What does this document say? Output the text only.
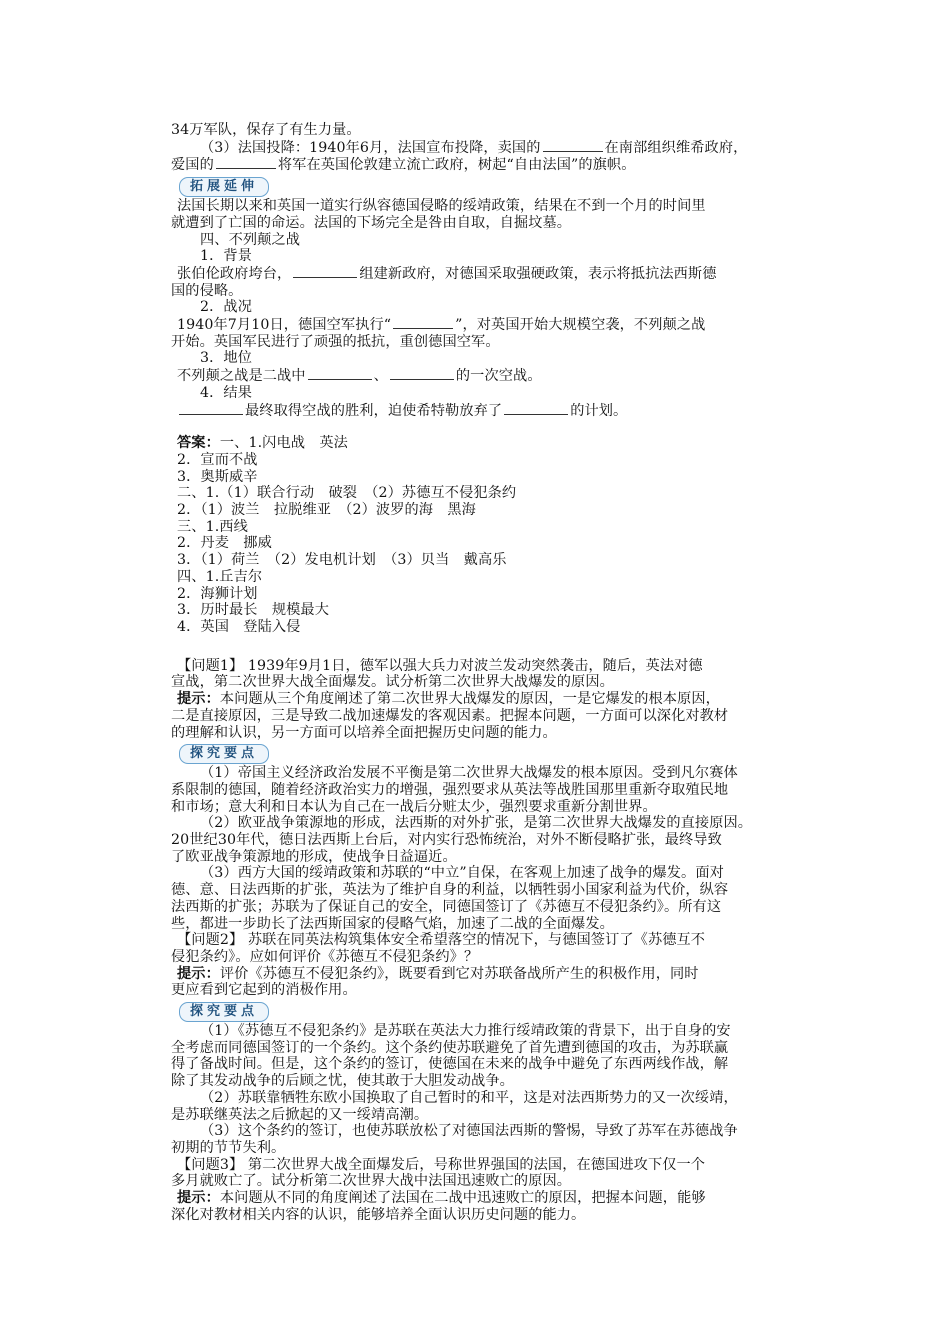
34万军队，保存了有生力量。
（3）法国投降：1940年6月，法国宣布投降，卖国的	在南部组织维希政府，
爱国的	将军在英国伦敦建立流亡政府，树起“自由法国”的旗帜。
拓展延伸
法国长期以来和英国一道实行纵容德国侵略的绥靖政策，结果在不到一个月的时间里
就遭到了亡国的命运。法国的下场完全是咎由自取，自掘坟墓。
四、不列颠之战
1．背景
张伯伦政府垮台，	组建新政府，对德国采取强硬政策，表示将抵抗法西斯德
国的侵略。
2．战况
1940年7月10日，德国空军执行“	”，对英国开始大规模空袭，不列颠之战
开始。英国军民进行了顽强的抵抗，重创德国空军。
3．地位
不列颠之战是二战中	、	的一次空战。
4．结果
最终取得空战的胜利，迫使希特勒放弃了	的计划。
答案：一、1.闪电战　英法
2．宣而不战
3．奥斯威辛
二、1.（1）联合行动　破裂　（2）苏德互不侵犯条约
2．（1）波兰　拉脱维亚　（2）波罗的海　黑海
三、1.西线
2．丹麦　挪威
3．（1）荷兰　（2）发电机计划　（3）贝当　戴高乐
四、1.丘吉尔
2．海狮计划
3．历时最长　规模最大
4．英国　登陆入侵
【问题1】 1939年9月1日，德军以强大兵力对波兰发动突然袭击，随后，英法对德
宣战，第二次世界大战全面爆发。试分析第二次世界大战爆发的原因。
提示：本问题从三个角度阐述了第二次世界大战爆发的原因，一是它爆发的根本原因，
二是直接原因，三是导致二战加速爆发的客观因素。把握本问题，一方面可以深化对教材
的理解和认识，另一方面可以培养全面把握历史问题的能力。
探究要点
（1）帝国主义经济政治发展不平衡是第二次世界大战爆发的根本原因。受到凡尔赛体
系限制的德国，随着经济政治实力的增强，强烈要求从英法等战胜国那里重新夺取殖民地
和市场；意大利和日本认为自己在一战后分赃太少，强烈要求重新分割世界。
（2）欧亚战争策源地的形成，法西斯的对外扩张，是第二次世界大战爆发的直接原因。
20世纪30年代，德日法西斯上台后，对内实行恐怖统治，对外不断侵略扩张，最终导致
了欧亚战争策源地的形成，使战争日益逼近。
（3）西方大国的绥靖政策和苏联的“中立”自保，在客观上加速了战争的爆发。面对
德、意、日法西斯的扩张，英法为了维护自身的利益，以牺牲弱小国家利益为代价，纵容
法西斯的扩张；苏联为了保证自己的安全，同德国签订了《苏德互不侵犯条约》。所有这
些，都进一步助长了法西斯国家的侵略气焰，加速了二战的全面爆发。
【问题2】 苏联在同英法构筑集体安全希望落空的情况下，与德国签订了《苏德互不
侵犯条约》。应如何评价《苏德互不侵犯条约》？
提示：评价《苏德互不侵犯条约》，既要看到它对苏联备战所产生的积极作用，同时
更应看到它起到的消极作用。
探究要点
（1）《苏德互不侵犯条约》是苏联在英法大力推行绥靖政策的背景下，出于自身的安
全考虑而同德国签订的一个条约。这个条约使苏联避免了首先遭到德国的攻击，为苏联赢
得了备战时间。但是，这个条约的签订，使德国在未来的战争中避免了东西两线作战，解
除了其发动战争的后顾之忧，使其敢于大胆发动战争。
（2）苏联靠牺牲东欧小国换取了自己暂时的和平，这是对法西斯势力的又一次绥靖，
是苏联继英法之后掀起的又一绥靖高潮。
（3）这个条约的签订，也使苏联放松了对德国法西斯的警惕，导致了苏军在苏德战争
初期的节节失利。
【问题3】 第二次世界大战全面爆发后，号称世界强国的法国，在德国进攻下仅一个
多月就败亡了。试分析第二次世界大战中法国迅速败亡的原因。
提示：本问题从不同的角度阐述了法国在二战中迅速败亡的原因，把握本问题，能够
深化对教材相关内容的认识，能够培养全面认识历史问题的能力。
